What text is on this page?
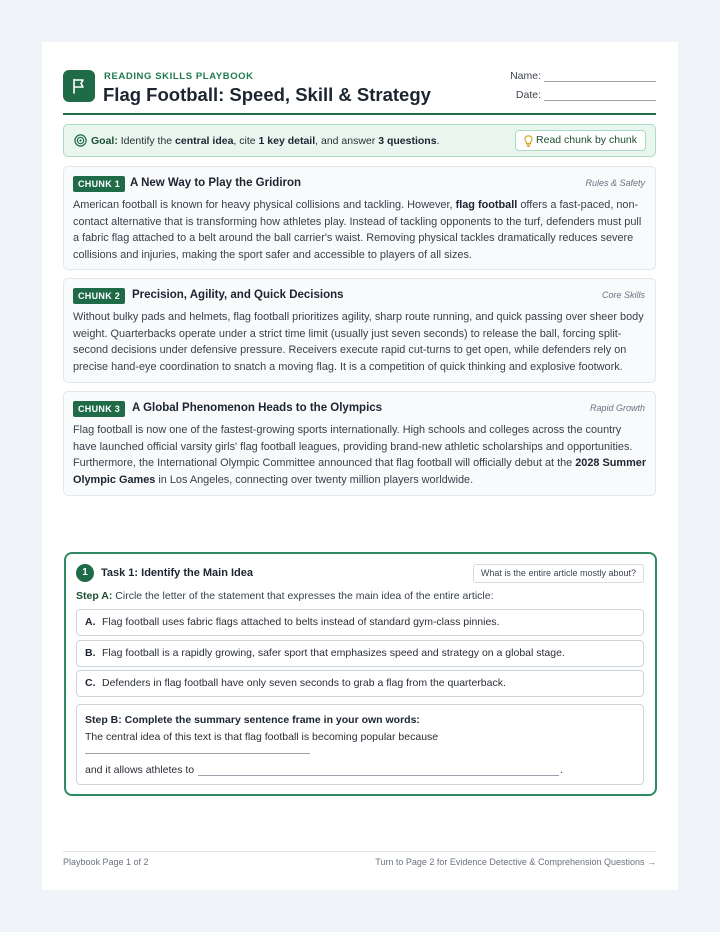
READING SKILLS PLAYBOOK
Flag Football: Speed, Skill & Strategy
Name:
Date:
Goal: Identify the central idea, cite 1 key detail, and answer 3 questions.	Read chunk by chunk
CHUNK 1 A New Way to Play the Gridiron	Rules & Safety
American football is known for heavy physical collisions and tackling. However, flag football offers a fast-paced, non-contact alternative that is transforming how athletes play. Instead of tackling opponents to the turf, defenders must pull a fabric flag attached to a belt around the ball carrier's waist. Removing physical tackles dramatically reduces severe collisions and injuries, making the sport safer and accessible to players of all sizes.
CHUNK 2	Precision, Agility, and Quick Decisions	Core Skills
Without bulky pads and helmets, flag football prioritizes agility, sharp route running, and quick passing over sheer body weight. Quarterbacks operate under a strict time limit (usually just seven seconds) to release the ball, forcing split-second decisions under defensive pressure. Receivers execute rapid cut-turns to get open, while defenders rely on precise hand-eye coordination to snatch a moving flag. It is a competition of quick thinking and explosive footwork.
CHUNK 3	A Global Phenomenon Heads to the Olympics	Rapid Growth
Flag football is now one of the fastest-growing sports internationally. High schools and colleges across the country have launched official varsity girls' flag football leagues, providing brand-new athletic scholarships and opportunities. Furthermore, the International Olympic Committee announced that flag football will officially debut at the 2028 Summer Olympic Games in Los Angeles, connecting over twenty million players worldwide.
1	Task 1: Identify the Main Idea	What is the entire article mostly about?
Step A: Circle the letter of the statement that expresses the main idea of the entire article:
A. Flag football uses fabric flags attached to belts instead of standard gym-class pinnies.
B. Flag football is a rapidly growing, safer sport that emphasizes speed and strategy on a global stage.
C. Defenders in flag football have only seven seconds to grab a flag from the quarterback.
Step B: Complete the summary sentence frame in your own words:
The central idea of this text is that flag football is becoming popular because
and it allows athletes to	.
Playbook Page 1 of 2	Turn to Page 2 for Evidence Detective & Comprehension Questions →
